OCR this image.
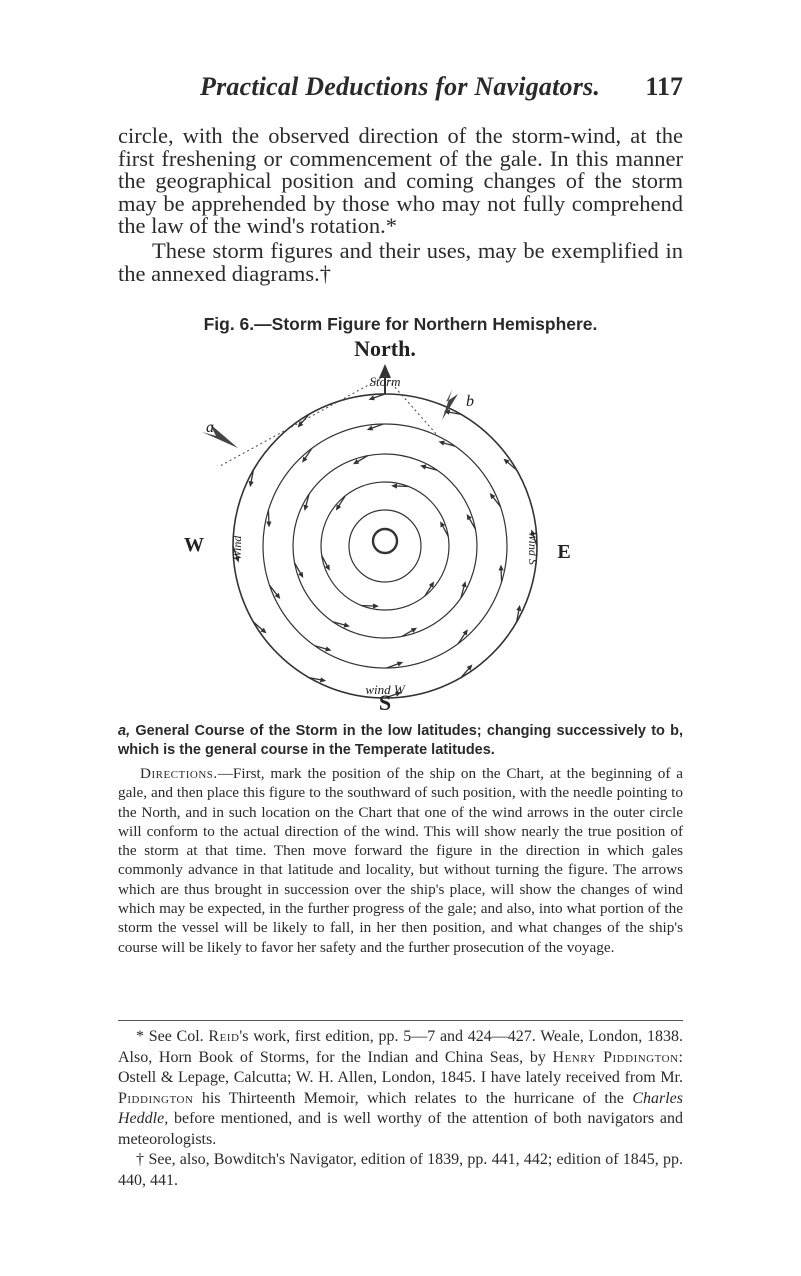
Practical Deductions for Navigators. 117
circle, with the observed direction of the storm-wind, at the first freshening or commencement of the gale. In this manner the geographical position and coming changes of the storm may be apprehended by those who may not fully comprehend the law of the wind's rotation.*
These storm figures and their uses, may be exemplified in the annexed diagrams.†
Fig. 6.—Storm Figure for Northern Hemisphere.
North.
W	E
S
a
b
Storm
wind W
Wind	Wind S
a, General Course of the Storm in the low latitudes; changing successively to b, which is the general course in the Temperate latitudes.
Directions.—First, mark the position of the ship on the Chart, at the beginning of a gale, and then place this figure to the southward of such position, with the needle pointing to the North, and in such location on the Chart that one of the wind arrows in the outer circle will conform to the actual direction of the wind. This will show nearly the true position of the storm at that time. Then move forward the figure in the direction in which gales commonly advance in that latitude and locality, but without turning the figure. The arrows which are thus brought in succession over the ship's place, will show the changes of wind which may be expected, in the further progress of the gale; and also, into what portion of the storm the vessel will be likely to fall, in her then position, and what changes of the ship's course will be likely to favor her safety and the further prosecution of the voyage.

* See Col. Reid's work, first edition, pp. 5—7 and 424—427. Weale, London, 1838. Also, Horn Book of Storms, for the Indian and China Seas, by Henry Piddington: Ostell & Lepage, Calcutta; W. H. Allen, London, 1845. I have lately received from Mr. Piddington his Thirteenth Memoir, which relates to the hurricane of the Charles Heddle, before mentioned, and is well worthy of the attention of both navigators and meteorologists.

† See, also, Bowditch's Navigator, edition of 1839, pp. 441, 442; edition of 1845, pp. 440, 441.
